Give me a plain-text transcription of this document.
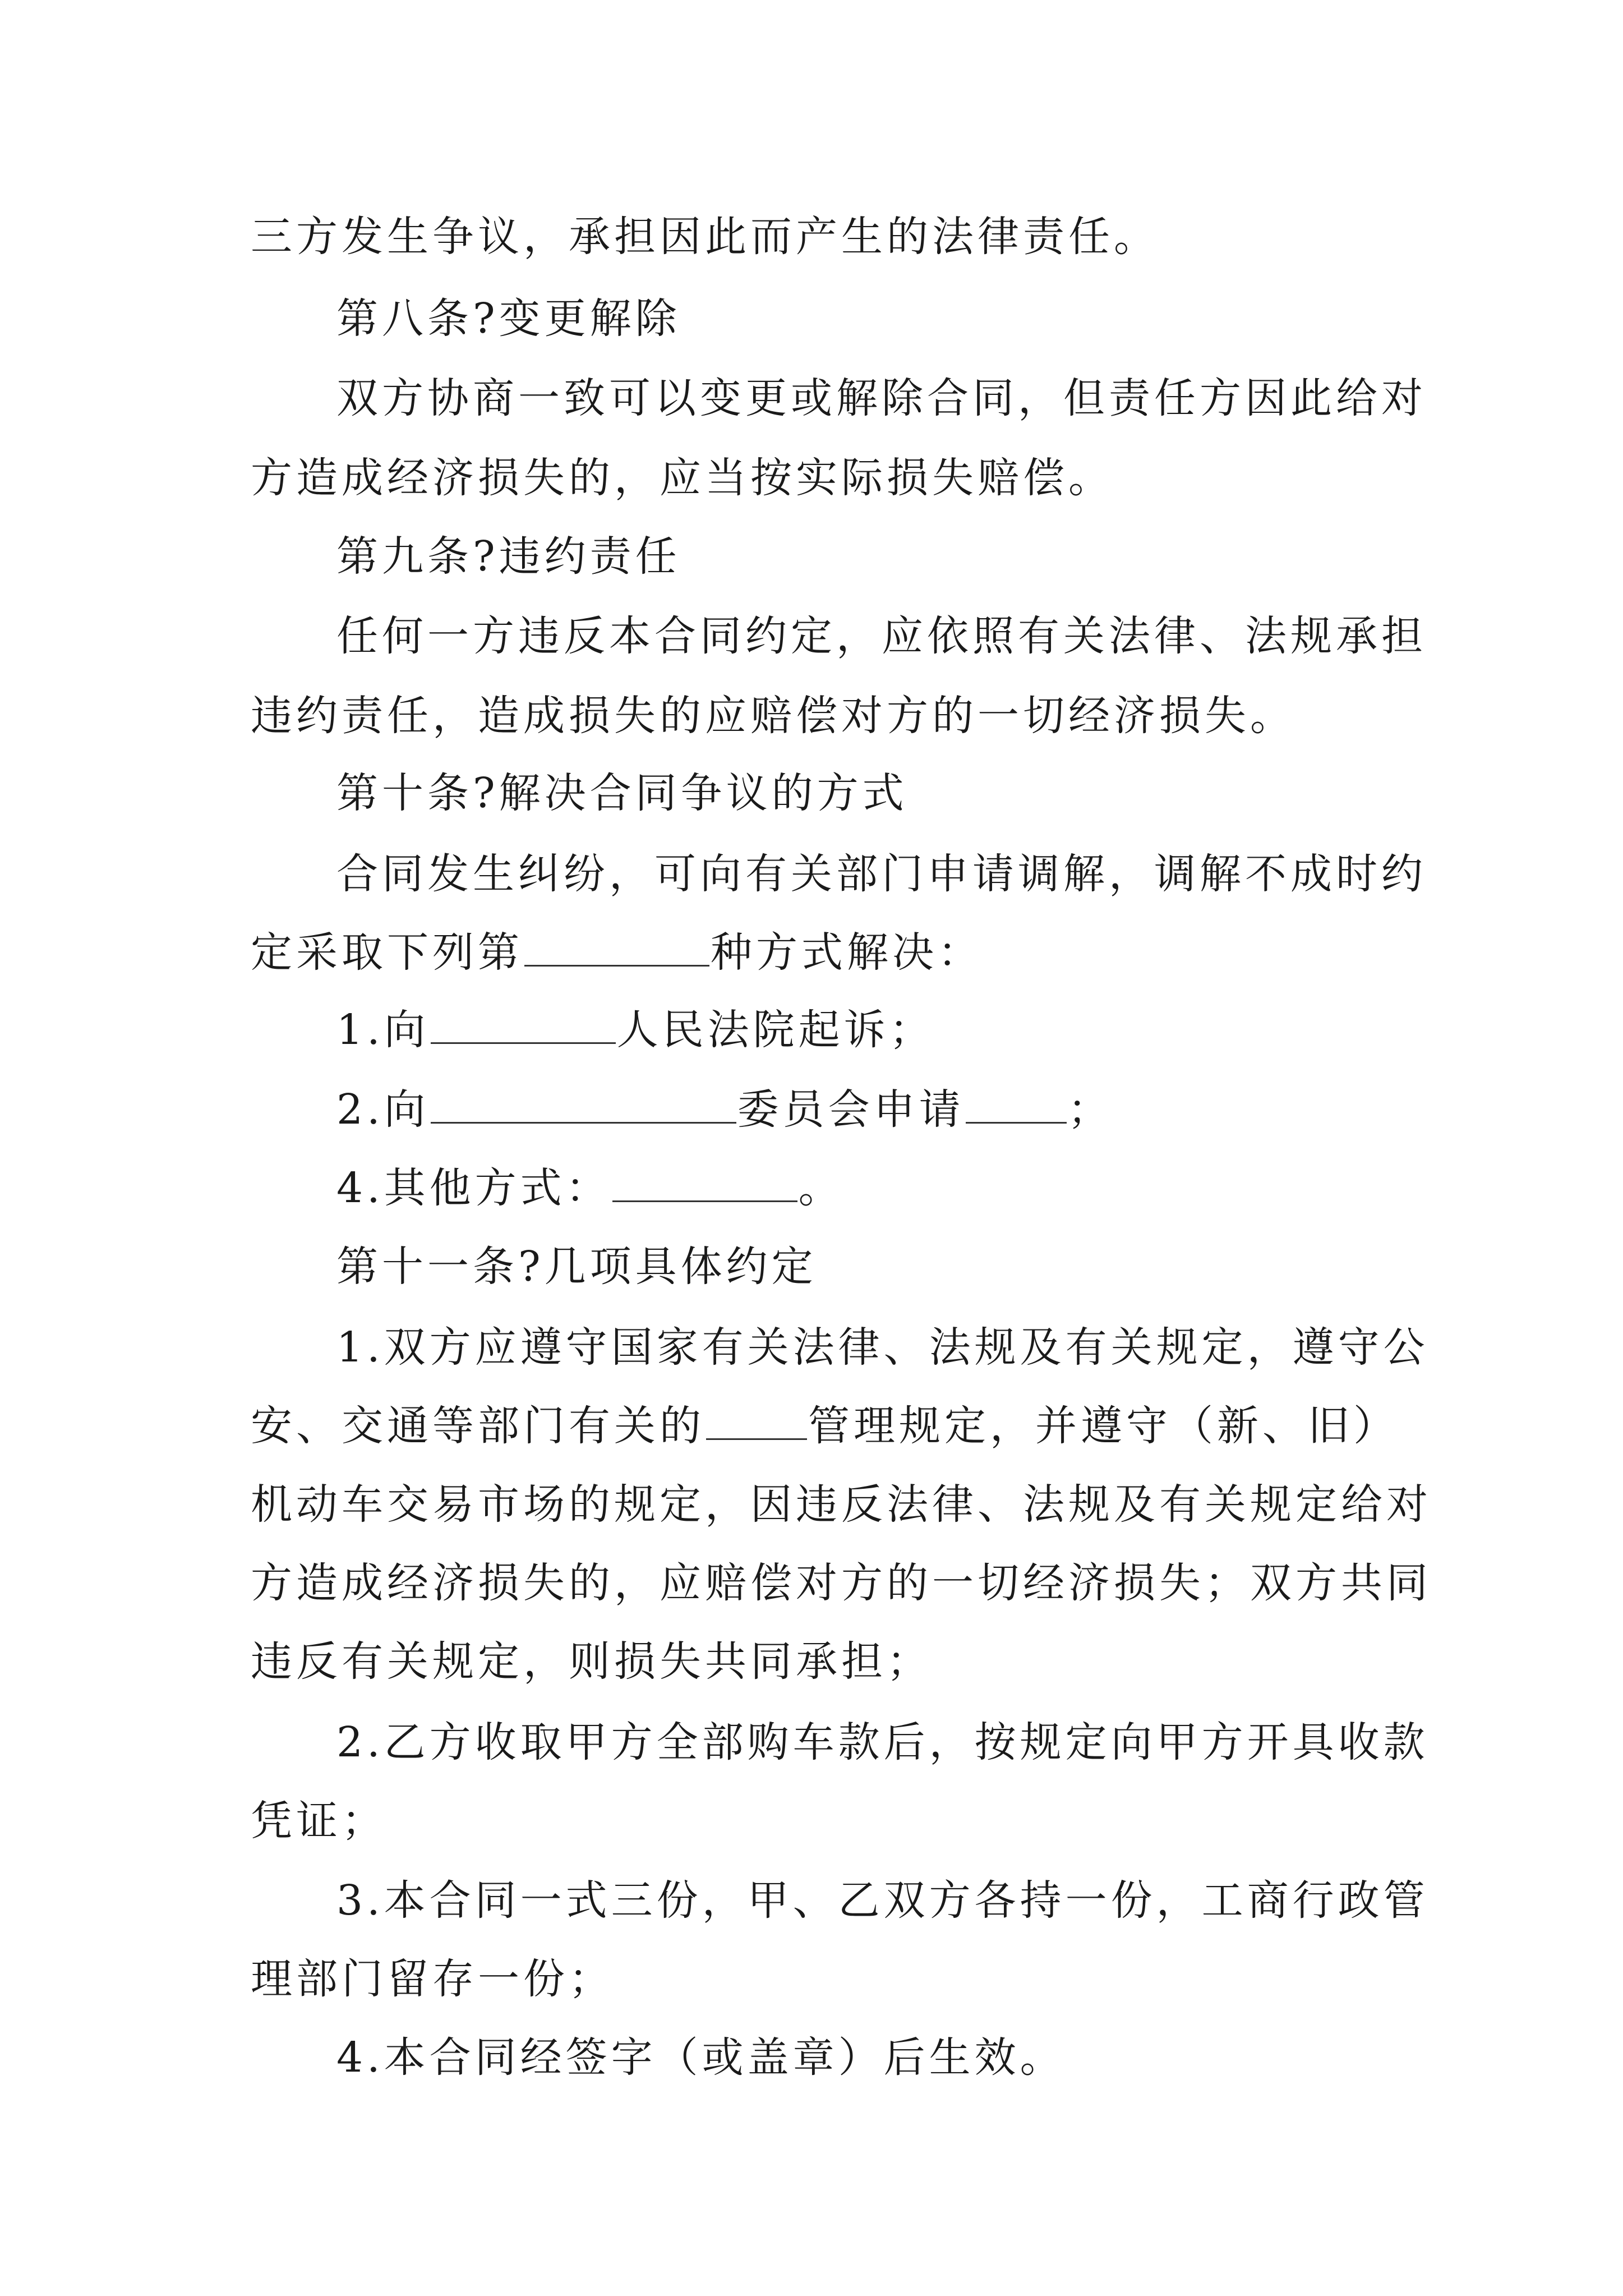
三方发生争议，承担因此而产生的法律责任。

第八条?变更解除

双方协商一致可以变更或解除合同，但责任方因此给对

方造成经济损失的，应当按实际损失赔偿。

第九条?违约责任

任何一方违反本合同约定，应依照有关法律、法规承担

违约责任，造成损失的应赔偿对方的一切经济损失。

第十条?解决合同争议的方式

合同发生纠纷，可向有关部门申请调解，调解不成时约

定采取下列第	种方式解决：

1.向	人民法院起诉；

2.向	委员会申请 ；

4.其他方式：	。

第十一条?几项具体约定

1.双方应遵守国家有关法律、法规及有关规定，遵守公

安、交通等部门有关的 管理规定，并遵守（新、旧）

机动车交易市场的规定，因违反法律、法规及有关规定给对

方造成经济损失的，应赔偿对方的一切经济损失；双方共同

违反有关规定，则损失共同承担；

2.乙方收取甲方全部购车款后，按规定向甲方开具收款

凭证；

3.本合同一式三份，甲、乙双方各持一份，工商行政管

理部门留存一份；

4.本合同经签字（或盖章）后生效。
